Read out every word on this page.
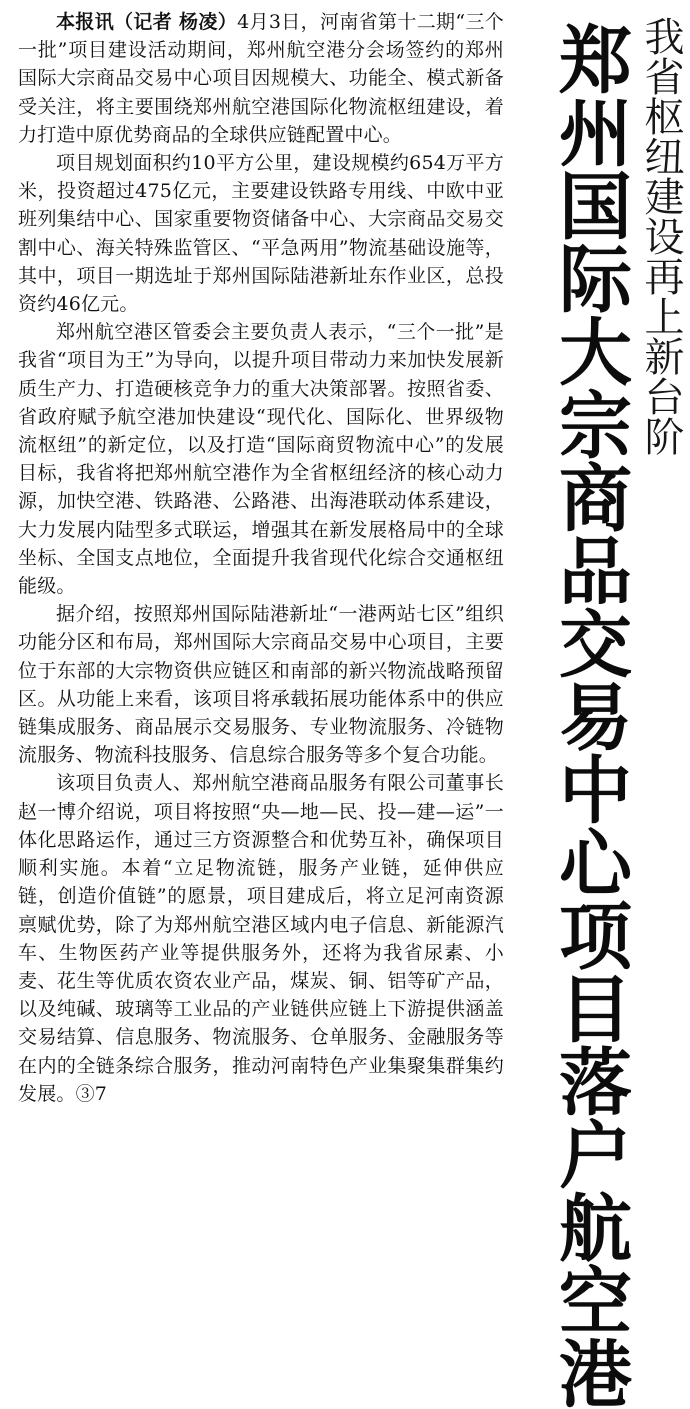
本报讯（记者 杨凌）4月3日，河南省第十二期“三个一批”项目建设活动期间，郑州航空港分会场签约的郑州国际大宗商品交易中心项目因规模大、功能全、模式新备受关注，将主要围绕郑州航空港国际化物流枢纽建设，着力打造中原优势商品的全球供应链配置中心。

项目规划面积约10平方公里，建设规模约654万平方米，投资超过475亿元，主要建设铁路专用线、中欧中亚班列集结中心、国家重要物资储备中心、大宗商品交易交割中心、海关特殊监管区、“平急两用”物流基础设施等，其中，项目一期选址于郑州国际陆港新址东作业区，总投资约46亿元。

郑州航空港区管委会主要负责人表示，“三个一批”是我省“项目为王”为导向，以提升项目带动力来加快发展新质生产力、打造硬核竞争力的重大决策部署。按照省委、省政府赋予航空港加快建设“现代化、国际化、世界级物流枢纽”的新定位，以及打造“国际商贸物流中心”的发展目标，我省将把郑州航空港作为全省枢纽经济的核心动力源，加快空港、铁路港、公路港、出海港联动体系建设，大力发展内陆型多式联运，增强其在新发展格局中的全球坐标、全国支点地位，全面提升我省现代化综合交通枢纽能级。

据介绍，按照郑州国际陆港新址“一港两站七区”组织功能分区和布局，郑州国际大宗商品交易中心项目，主要位于东部的大宗物资供应链区和南部的新兴物流战略预留区。从功能上来看，该项目将承载拓展功能体系中的供应链集成服务、商品展示交易服务、专业物流服务、冷链物流服务、物流科技服务、信息综合服务等多个复合功能。

该项目负责人、郑州航空港商品服务有限公司董事长赵一博介绍说，项目将按照“央—地—民、投—建—运”一体化思路运作，通过三方资源整合和优势互补，确保项目顺利实施。本着“立足物流链，服务产业链，延伸供应链，创造价值链”的愿景，项目建成后，将立足河南资源禀赋优势，除了为郑州航空港区域内电子信息、新能源汽车、生物医药产业等提供服务外，还将为我省尿素、小麦、花生等优质农资农业产品，煤炭、铜、铝等矿产品，以及纯碱、玻璃等工业品的产业链供应链上下游提供涵盖交易结算、信息服务、物流服务、仓单服务、金融服务等在内的全链条综合服务，推动河南特色产业集聚集群集约发展。③7	郑州国际大宗商品交易中心项目落户航空港 我省枢纽建设再上新台阶
